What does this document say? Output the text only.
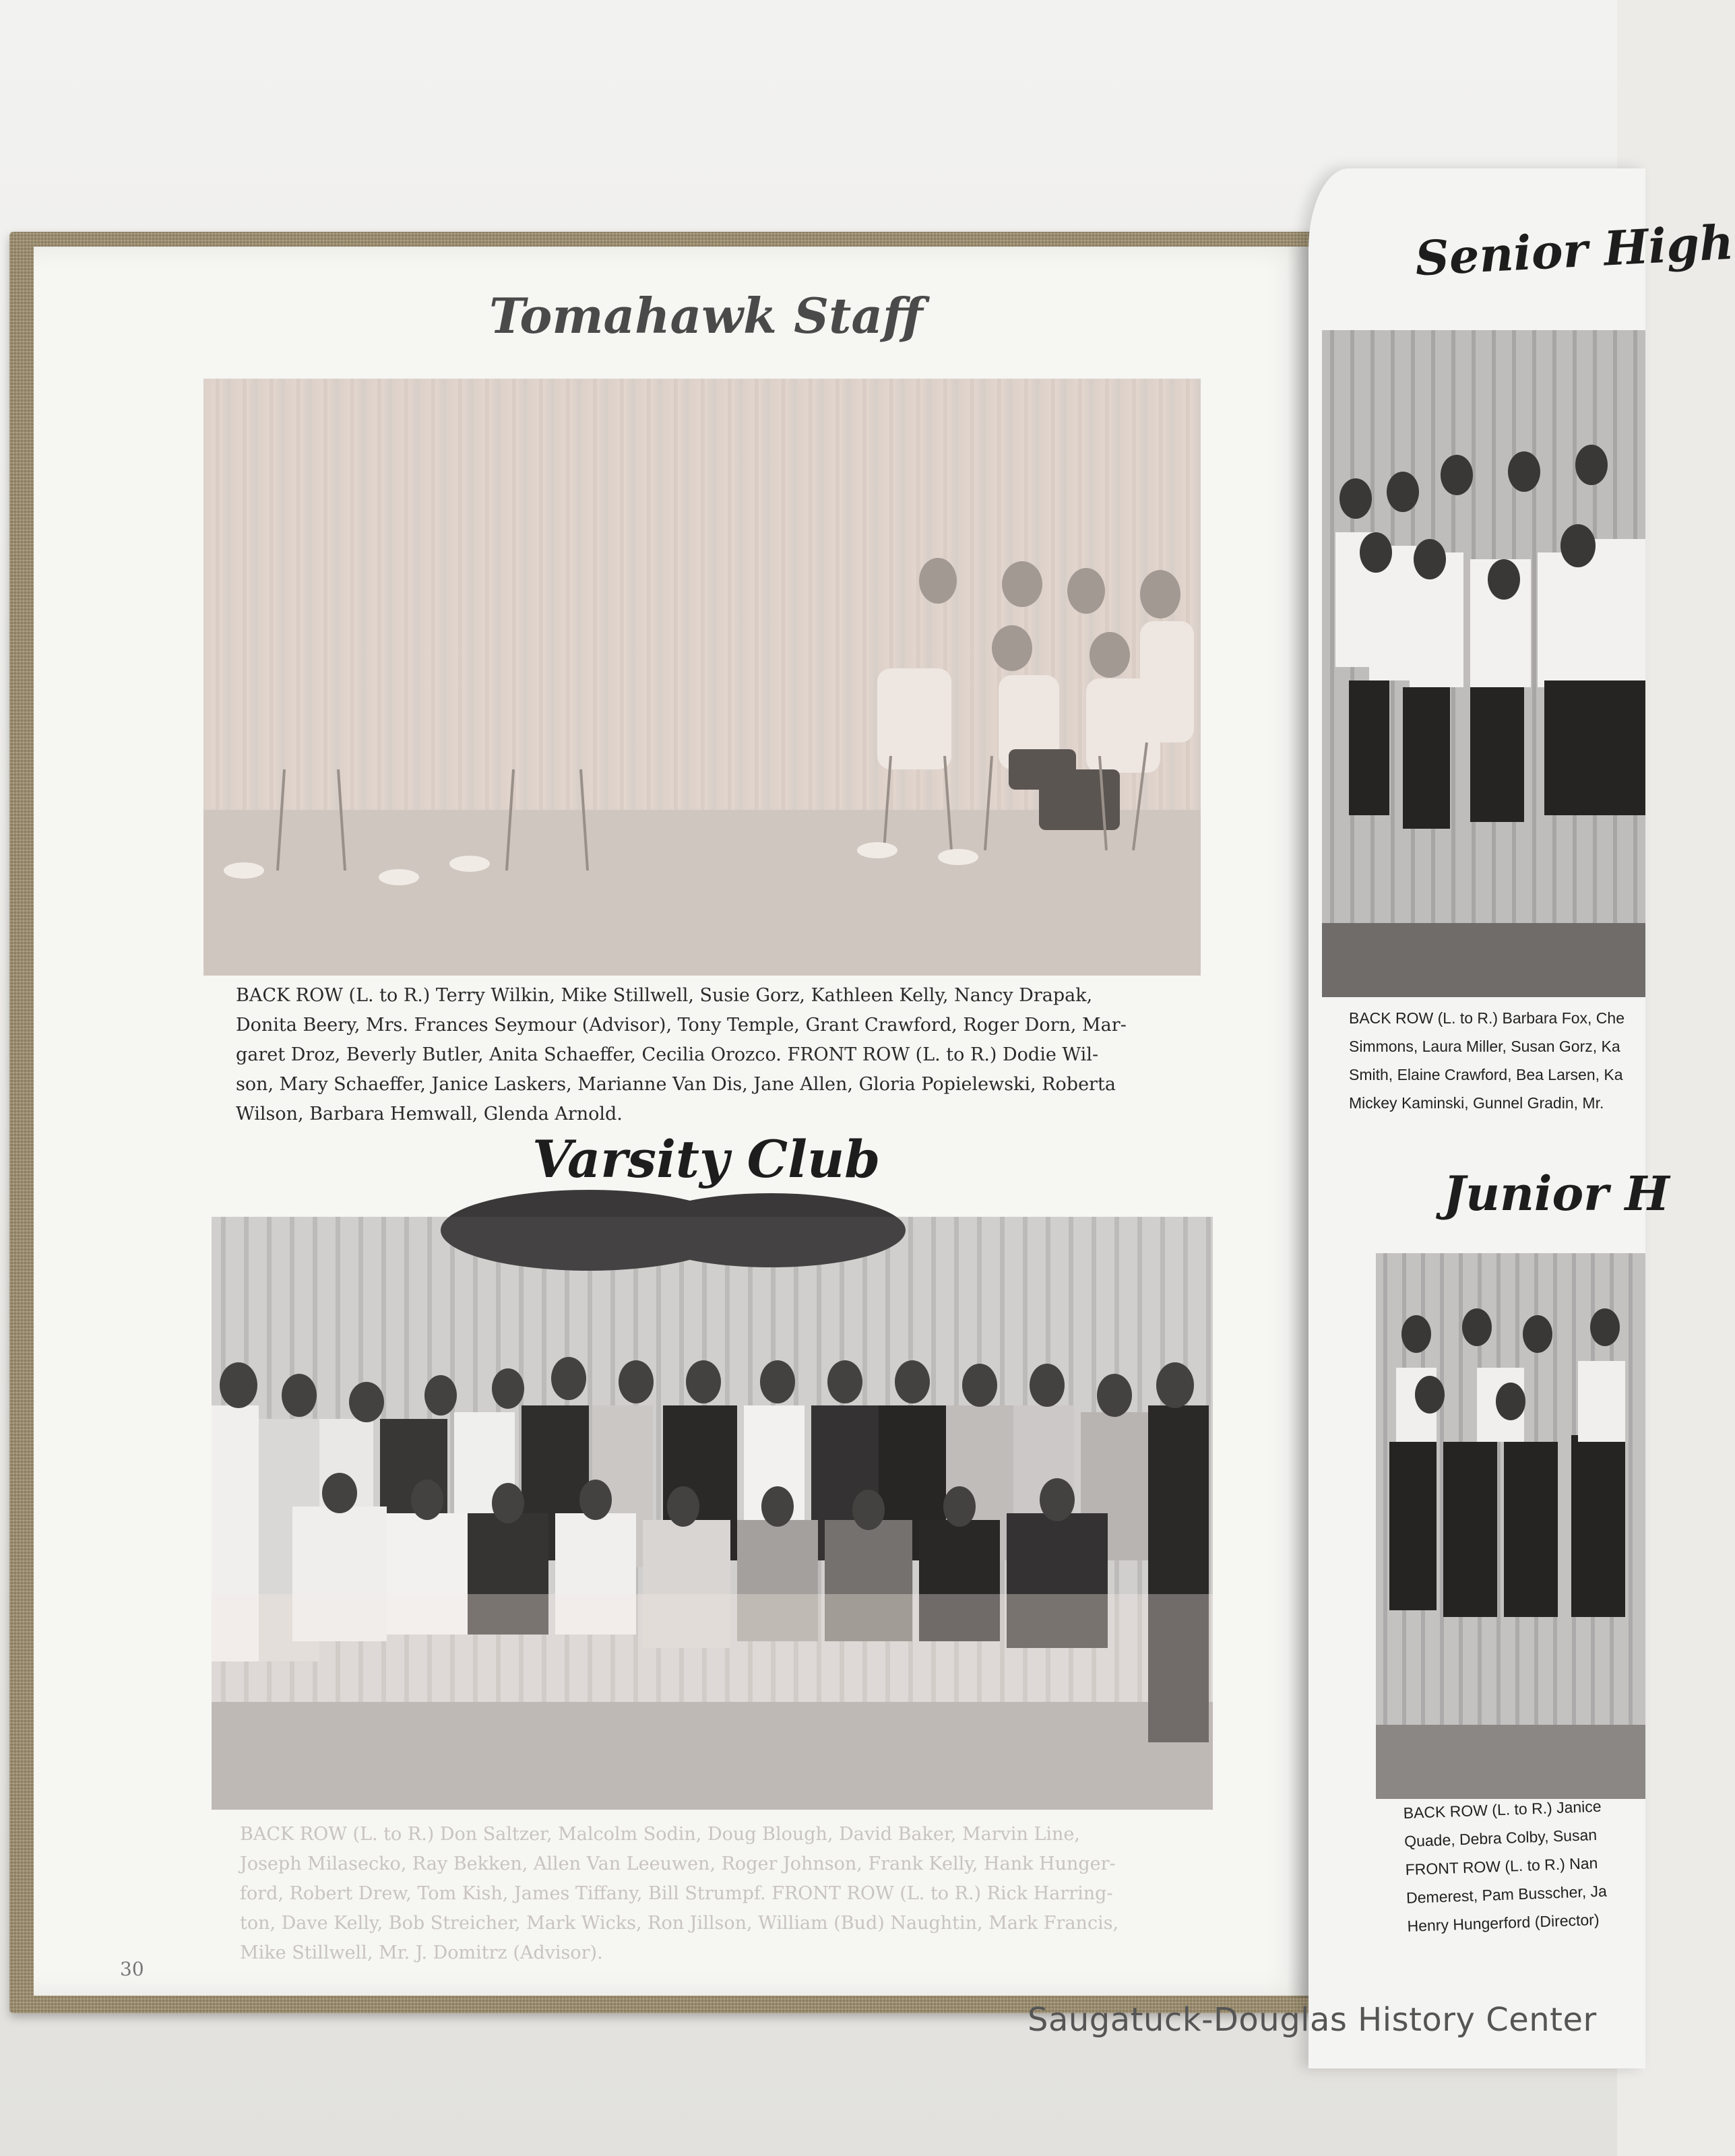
Tomahawk Staff
BACK ROW (L. to R.) Terry Wilkin, Mike Stillwell, Susie Gorz, Kathleen Kelly, Nancy Drapak,
Donita Beery, Mrs. Frances Seymour (Advisor), Tony Temple, Grant Crawford, Roger Dorn, Mar-
garet Droz, Beverly Butler, Anita Schaeffer, Cecilia Orozco. FRONT ROW (L. to R.) Dodie Wil-
son, Mary Schaeffer, Janice Laskers, Marianne Van Dis, Jane Allen, Gloria Popielewski, Roberta
Wilson, Barbara Hemwall, Glenda Arnold.
Varsity Club
BACK ROW (L. to R.) Don Saltzer, Malcolm Sodin, Doug Blough, David Baker, Marvin Line,
Joseph Milasecko, Ray Bekken, Allen Van Leeuwen, Roger Johnson, Frank Kelly, Hank Hunger-
ford, Robert Drew, Tom Kish, James Tiffany, Bill Strumpf. FRONT ROW (L. to R.) Rick Harring-
ton, Dave Kelly, Bob Streicher, Mark Wicks, Ron Jillson, William (Bud) Naughtin, Mark Francis,
Mike Stillwell, Mr. J. Domitrz (Advisor).
30
Senior High
BACK ROW (L. to R.) Barbara Fox, Che
Simmons, Laura Miller, Susan Gorz, Ka
Smith, Elaine Crawford, Bea Larsen, Ka
Mickey Kaminski, Gunnel Gradin, Mr.
Junior H
BACK ROW (L. to R.) Janice
Quade, Debra Colby, Susan
FRONT ROW (L. to R.) Nan
Demerest, Pam Busscher, Ja
Henry Hungerford (Director)
Saugatuck-Douglas History Center
